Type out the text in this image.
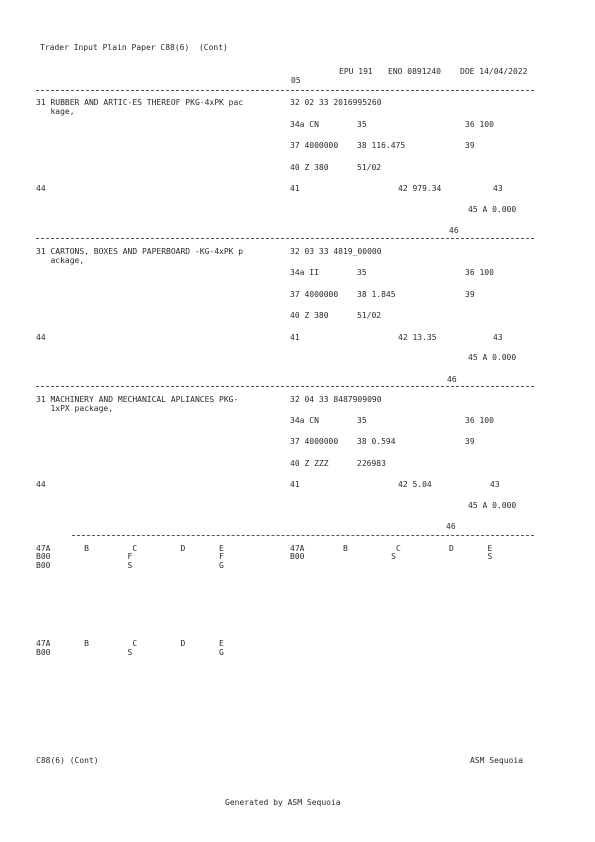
Trader Input Plain Paper C88(6)  (Cont)
EPU 191 ENO 0891240 DOE 14/04/2022
05
31 RUBBER AND ARTIC-ES THEREOF PKG-4xPK pac
kage,
32 02 33 2016995260
34a CN	35	36 100
37 4000000 38 116.475	39
40 Z 380	51/02
44	41	42 979.34	43
45 A 0.000
46
31 CARTONS, BOXES AND PAPERBOARD -KG-4xPK p
ackage,
32 03 33 4819_00000
34a II	35	36 100
37 4000000 38 1.845	39
40 Z 380	51/02
44	41	42 13.35	43
45 A 0.000
46
31 MACHINERY AND MECHANICAL APLIANCES PKG-
1xPX package,
32 04 33 8487909090
34a CN	35	36 100
37 4000000 38 0.594	39
40 Z ZZZ	226983
44	41	42 5.04	43
45 A 0.000
46
47A       B         C         D       E
B00                F                  F
B00                S                  G
47A        B          C          D       E
B00                  S                   S
47A       B         C         D       E
B00                S                  G
C88(6) (Cont)	ASM Sequoia
Generated by ASM Sequoia
